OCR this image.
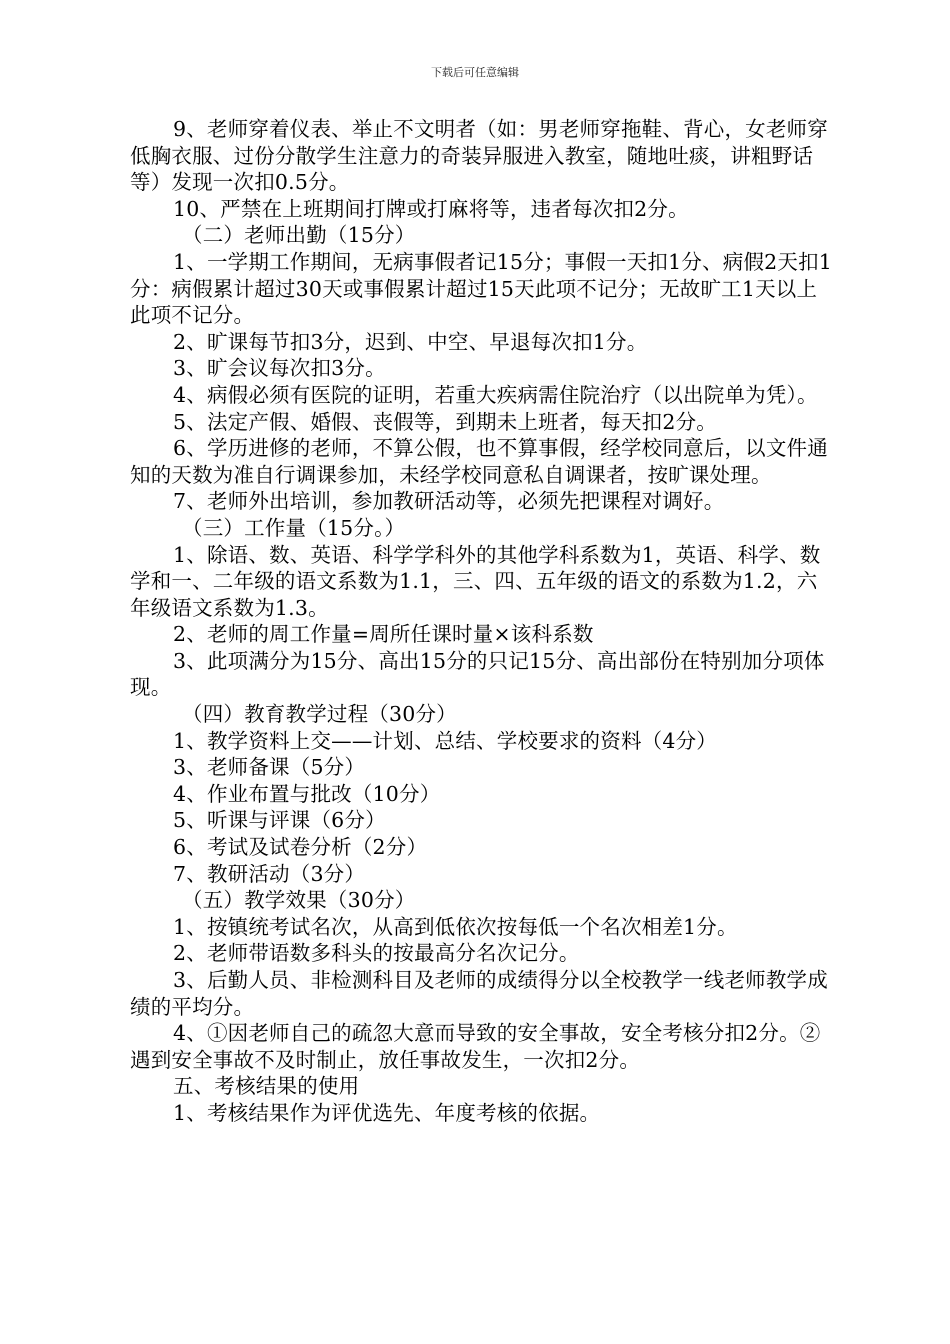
下载后可任意编辑

9、老师穿着仪表、举止不文明者（如：男老师穿拖鞋、背心，女老师穿低胸衣服、过份分散学生注意力的奇装异服进入教室，随地吐痰，讲粗野话等）发现一次扣0.5分。

10、严禁在上班期间打牌或打麻将等，违者每次扣2分。

（二）老师出勤（15分）

1、一学期工作期间，无病事假者记15分；事假一天扣1分、病假2天扣1分：病假累计超过30天或事假累计超过15天此项不记分；无故旷工1天以上此项不记分。

2、旷课每节扣3分，迟到、中空、早退每次扣1分。

3、旷会议每次扣3分。

4、病假必须有医院的证明，若重大疾病需住院治疗（以出院单为凭）。

5、法定产假、婚假、丧假等，到期未上班者，每天扣2分。

6、学历进修的老师，不算公假，也不算事假，经学校同意后，以文件通知的天数为准自行调课参加，未经学校同意私自调课者，按旷课处理。

7、老师外出培训，参加教研活动等，必须先把课程对调好。

（三）工作量（15分。）

1、除语、数、英语、科学学科外的其他学科系数为1，英语、科学、数学和一、二年级的语文系数为1.1，三、四、五年级的语文的系数为1.2，六年级语文系数为1.3。

2、老师的周工作量=周所任课时量×该科系数

3、此项满分为15分、高出15分的只记15分、高出部份在特别加分项体现。

（四）教育教学过程（30分）

1、教学资料上交——计划、总结、学校要求的资料（4分）

3、老师备课（5分）

4、作业布置与批改（10分）

5、听课与评课（6分）

6、考试及试卷分析（2分）

7、教研活动（3分）

（五）教学效果（30分）

1、按镇统考试名次，从高到低依次按每低一个名次相差1分。

2、老师带语数多科头的按最高分名次记分。

3、后勤人员、非检测科目及老师的成绩得分以全校教学一线老师教学成绩的平均分。

4、①因老师自己的疏忽大意而导致的安全事故，安全考核分扣2分。②遇到安全事故不及时制止，放任事故发生，一次扣2分。

五、考核结果的使用

1、考核结果作为评优选先、年度考核的依据。
